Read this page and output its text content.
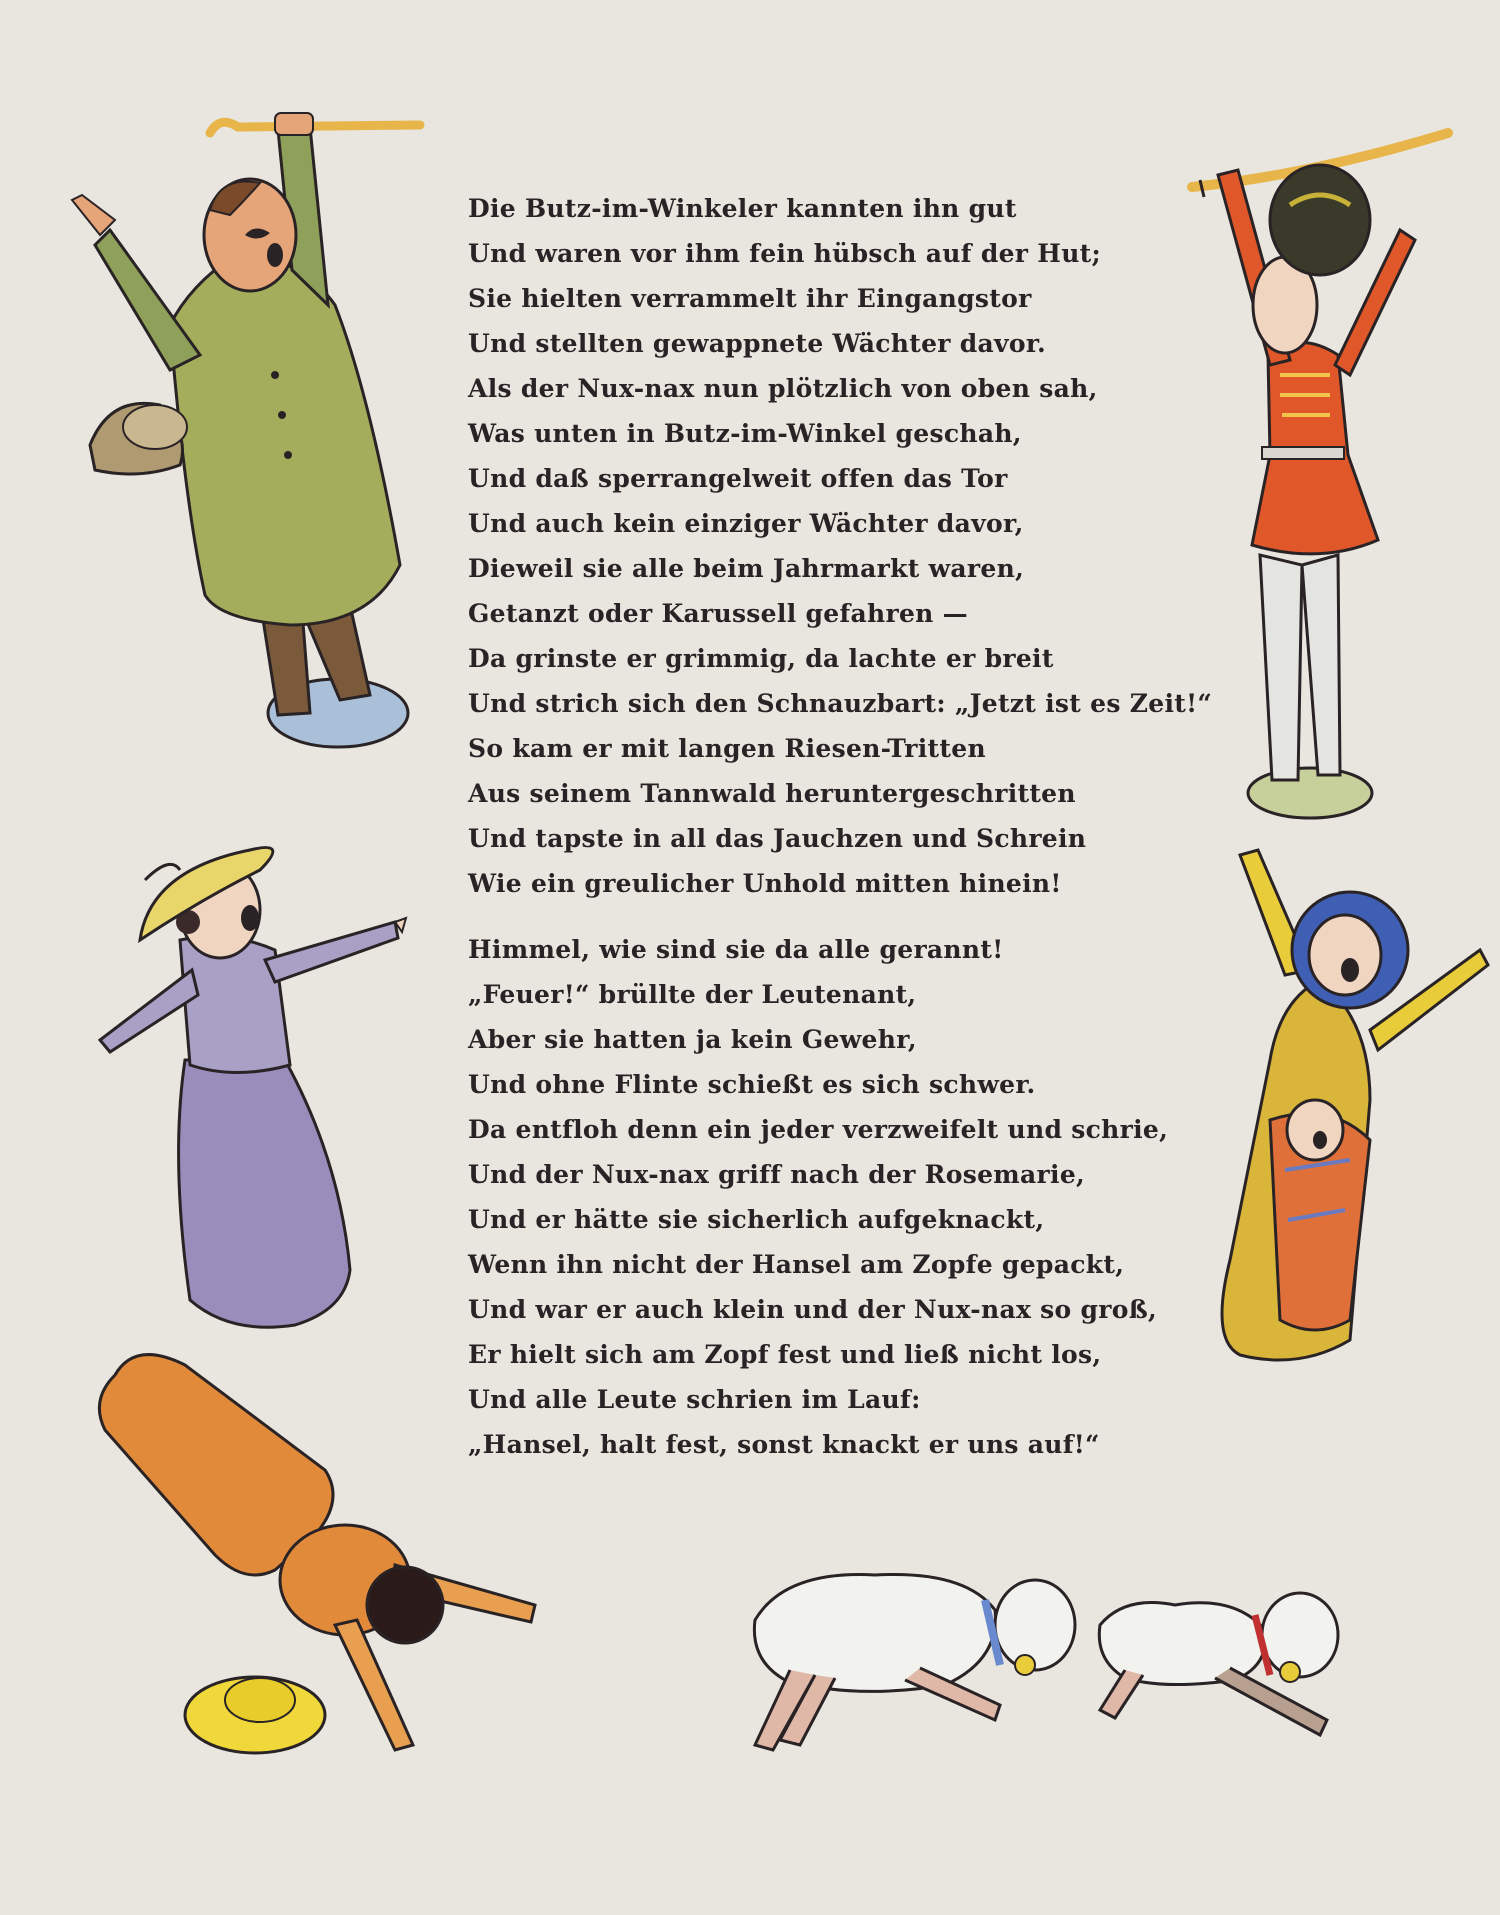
Die Butz-im-Winkeler kannten ihn gut
Und waren vor ihm fein hübsch auf der Hut;
Sie hielten verrammelt ihr Eingangstor
Und stellten gewappnete Wächter davor.
Als der Nux-nax nun plötzlich von oben sah,
Was unten in Butz-im-Winkel geschah,
Und daß sperrangelweit offen das Tor
Und auch kein einziger Wächter davor,
Dieweil sie alle beim Jahrmarkt waren,
Getanzt oder Karussell gefahren —
Da grinste er grimmig, da lachte er breit
Und strich sich den Schnauzbart: „Jetzt ist es Zeit!“
So kam er mit langen Riesen-Tritten
Aus seinem Tannwald heruntergeschritten
Und tapste in all das Jauchzen und Schrein
Wie ein greulicher Unhold mitten hinein!
Himmel, wie sind sie da alle gerannt!
„Feuer!“ brüllte der Leutenant,
Aber sie hatten ja kein Gewehr,
Und ohne Flinte schießt es sich schwer.
Da entfloh denn ein jeder verzweifelt und schrie,
Und der Nux-nax griff nach der Rosemarie,
Und er hätte sie sicherlich aufgeknackt,
Wenn ihn nicht der Hansel am Zopfe gepackt,
Und war er auch klein und der Nux-nax so groß,
Er hielt sich am Zopf fest und ließ nicht los,
Und alle Leute schrien im Lauf:
„Hansel, halt fest, sonst knackt er uns auf!“
